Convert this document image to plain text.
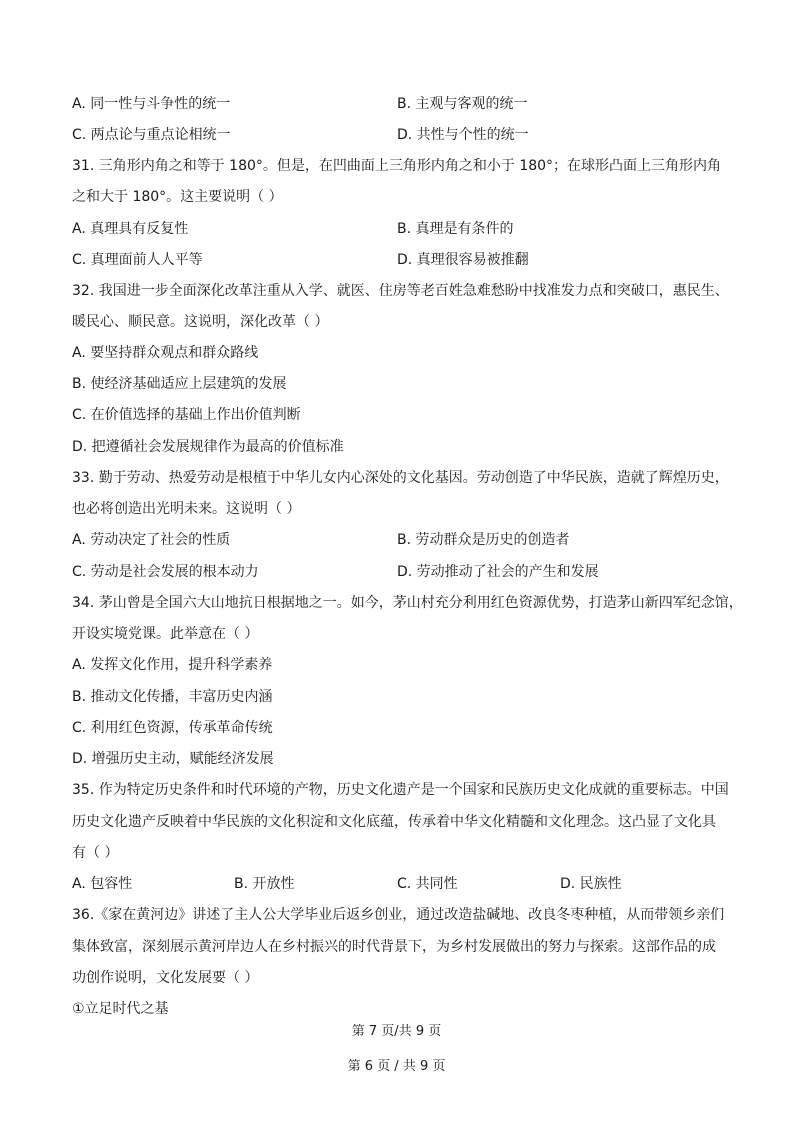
A. 同一性与斗争性的统一	B. 主观与客观的统一
C. 两点论与重点论相统一	D. 共性与个性的统一
31. 三角形内角之和等于 180°。但是，在凹曲面上三角形内角之和小于 180°；在球形凸面上三角形内角
之和大于 180°。这主要说明（ ）
A. 真理具有反复性	B. 真理是有条件的
C. 真理面前人人平等	D. 真理很容易被推翻
32. 我国进一步全面深化改革注重从入学、就医、住房等老百姓急难愁盼中找准发力点和突破口，惠民生、
暖民心、顺民意。这说明，深化改革（ ）
A. 要坚持群众观点和群众路线
B. 使经济基础适应上层建筑的发展
C. 在价值选择的基础上作出价值判断
D. 把遵循社会发展规律作为最高的价值标准
33. 勤于劳动、热爱劳动是根植于中华儿女内心深处的文化基因。劳动创造了中华民族，造就了辉煌历史，
也必将创造出光明未来。这说明（ ）
A. 劳动决定了社会的性质	B. 劳动群众是历史的创造者
C. 劳动是社会发展的根本动力	D. 劳动推动了社会的产生和发展
34. 茅山曾是全国六大山地抗日根据地之一。如今，茅山村充分利用红色资源优势，打造茅山新四军纪念馆，
开设实境党课。此举意在（ ）
A. 发挥文化作用，提升科学素养
B. 推动文化传播，丰富历史内涵
C. 利用红色资源，传承革命传统
D. 增强历史主动，赋能经济发展
35. 作为特定历史条件和时代环境的产物，历史文化遗产是一个国家和民族历史文化成就的重要标志。中国
历史文化遗产反映着中华民族的文化积淀和文化底蕴，传承着中华文化精髓和文化理念。这凸显了文化具
有（ ）
A. 包容性	B. 开放性	C. 共同性	D. 民族性
36.《家在黄河边》讲述了主人公大学毕业后返乡创业，通过改造盐碱地、改良冬枣种植，从而带领乡亲们
集体致富，深刻展示黄河岸边人在乡村振兴的时代背景下，为乡村发展做出的努力与探索。这部作品的成
功创作说明，文化发展要（ ）
①立足时代之基
第 7 页/共 9 页
第 6 页 / 共 9 页
